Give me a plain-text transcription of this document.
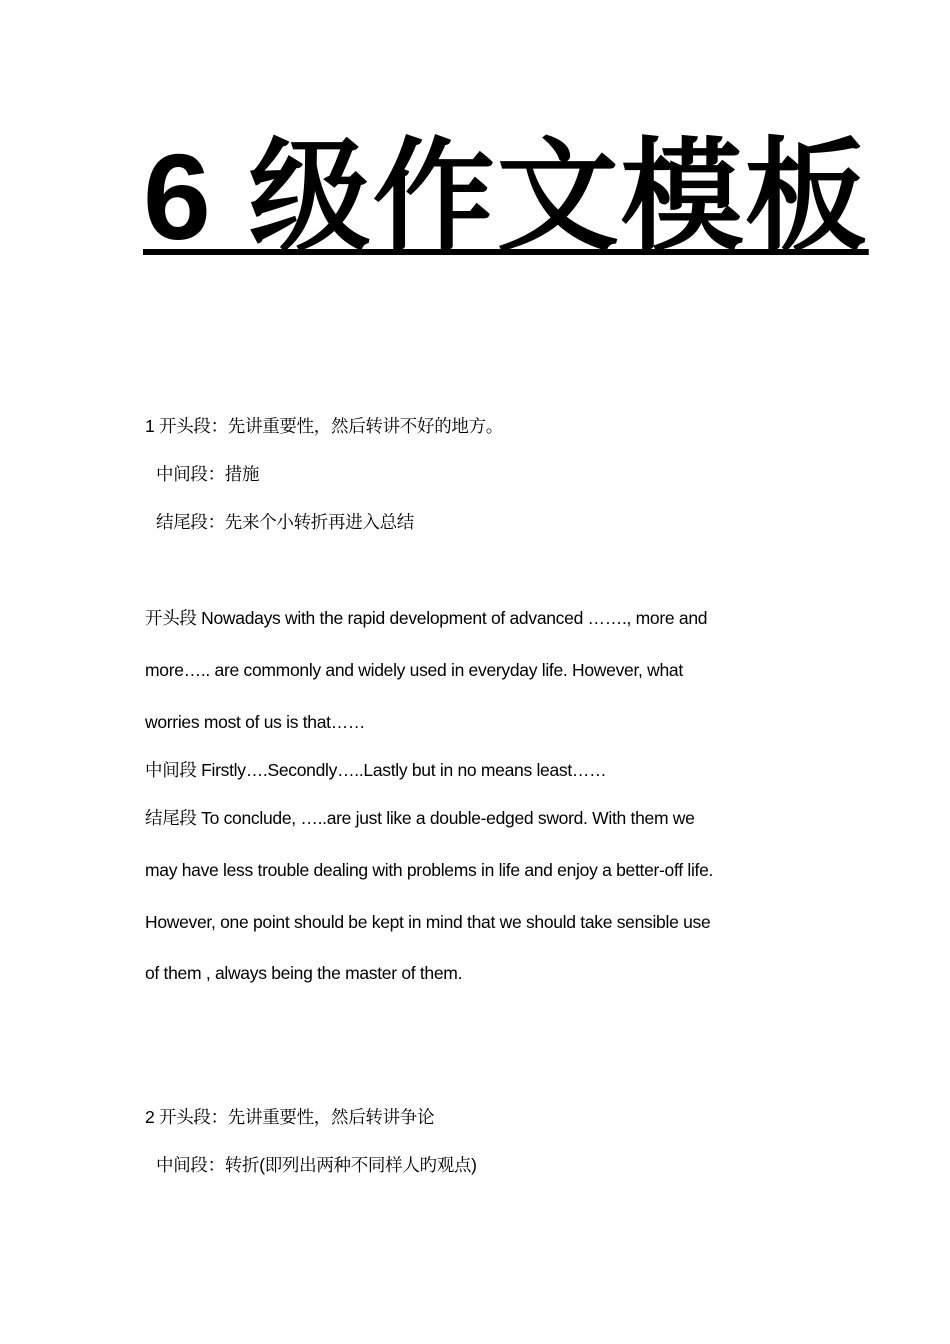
6 级作文模板
1 开头段：先讲重要性，然后转讲不好的地方。
中间段：措施
结尾段：先来个小转折再进入总结
开头段 Nowadays with the rapid development of advanced ……., more and
more….. are commonly and widely used in everyday life. However, what
worries most of us is that……
中间段 Firstly….Secondly…..Lastly but in no means least……
结尾段 To conclude, …..are just like a double-edged sword. With them we
may have less trouble dealing with problems in life and enjoy a better-off life.
However, one point should be kept in mind that we should take sensible use
of them , always being the master of them.
2 开头段：先讲重要性，然后转讲争论
中间段：转折(即列出两种不同样人旳观点)
